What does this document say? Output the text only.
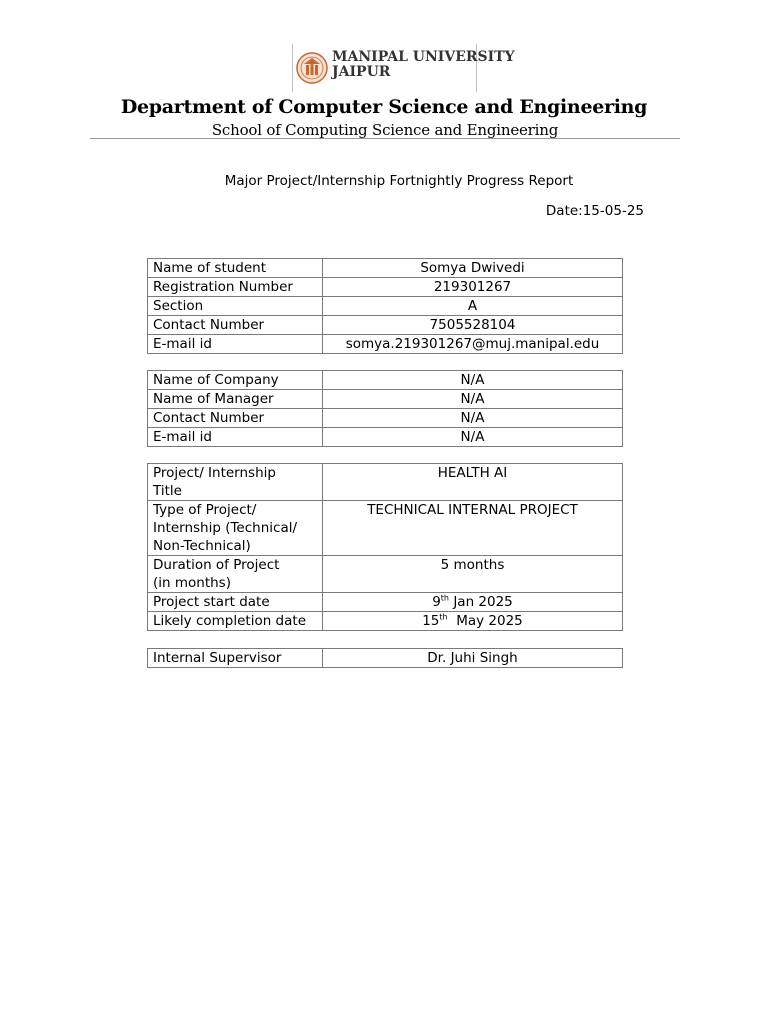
MANIPAL UNIVERSITY
JAIPUR
Department of Computer Science and Engineering
School of Computing Science and Engineering
Major Project/Internship Fortnightly Progress Report
Date:15-05-25
Name of student	Somya Dwivedi
Registration Number	219301267
Section	A
Contact Number	7505528104
E-mail id	somya.219301267@muj.manipal.edu
Name of Company	N/A
Name of Manager	N/A
Contact Number	N/A
E-mail id	N/A
Project/ Internship
Title	HEALTH AI

Type of Project/
Internship (Technical/
Non-Technical)	TECHNICAL INTERNAL PROJECT

Duration of Project
(in months)	5 months
Project start date	9th Jan 2025
Likely completion date	15th May 2025
Internal Supervisor	Dr. Juhi Singh
